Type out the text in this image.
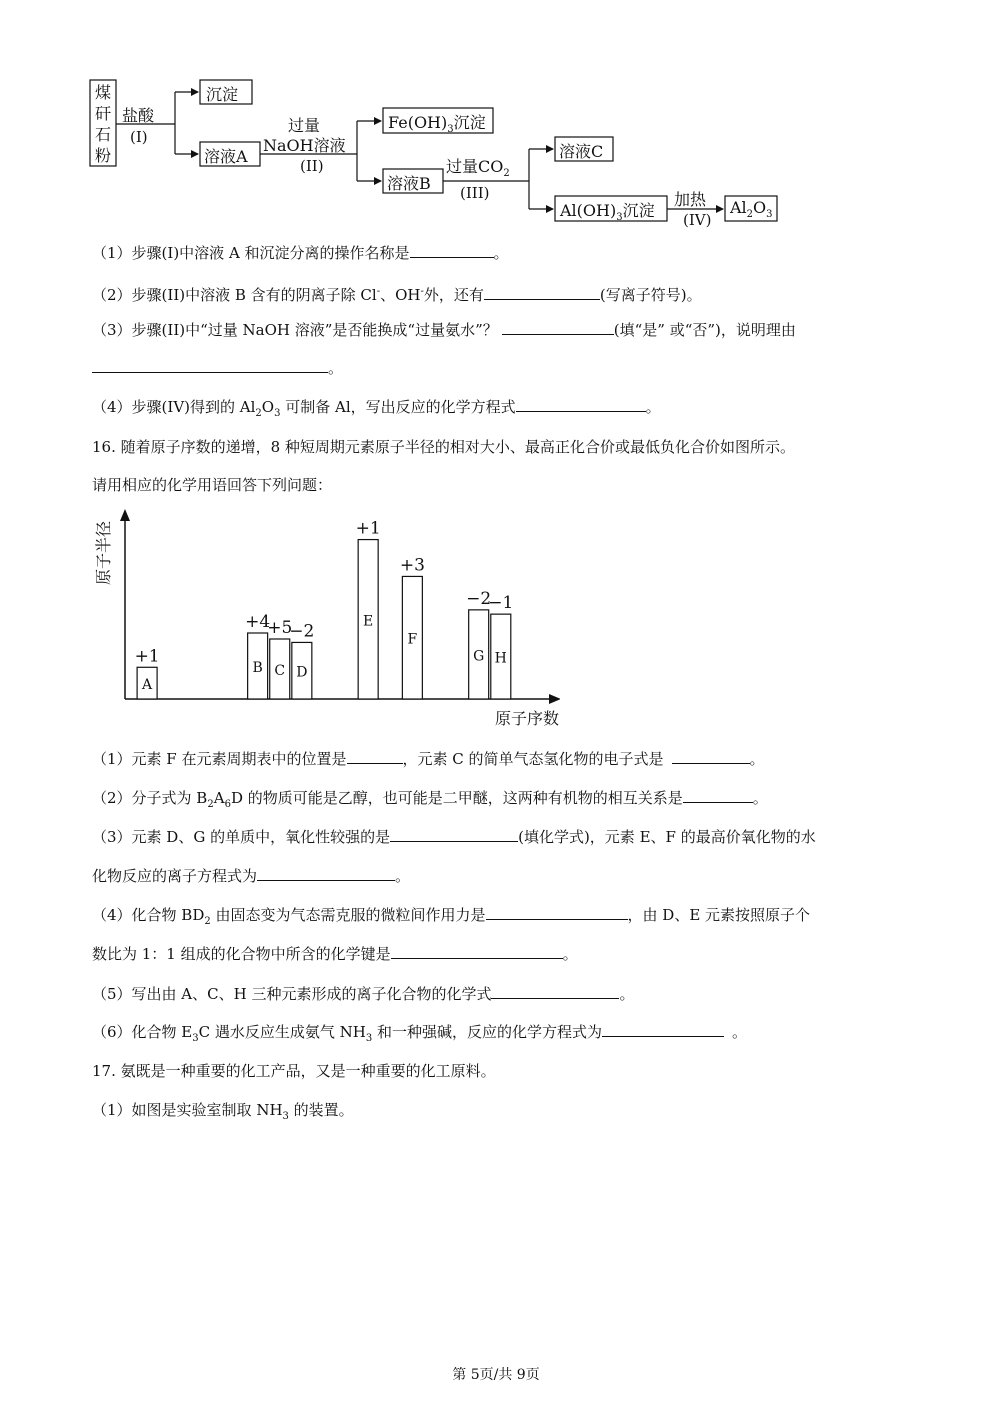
煤
矸
石
粉
盐酸
(I)
沉淀
溶液A
过量
NaOH溶液
(II)
$Fe(OH)_3$沉淀
溶液B
过量$CO_2$
(III)
溶液C
$Al(OH)_3$沉淀
加热
(IV)
$Al_2O_3$
（1）步骤(I)中溶液 A 和沉淀分离的操作名称是	。
（2）步骤(II)中溶液 B 含有的阴离子除 Cl-、OH-外，还有	(写离子符号)。
（3）步骤(II)中“过量 NaOH 溶液”是否能换成“过量氨水”？	(填“是” 或“否”)，说明理由
。
（4）步骤(IV)得到的 $Al_2O_3$ 可制备 Al，写出反应的化学方程式	。
16. 随着原子序数的递增，8 种短周期元素原子半径的相对大小、最高正化合价或最低负化合价如图所示。
请用相应的化学用语回答下列问题：
原子序数
原子半径
A
+1
B
+4
C
+5
D
−2
E
+1
F
+3
G
−2
H
−1
（1）元素 F 在元素周期表中的位置是	，元素 C 的简单气态氢化物的电子式是	。
（2）分子式为 $B_2A_6D$ 的物质可能是乙醇，也可能是二甲醚，这两种有机物的相互关系是	。
（3）元素 D、G 的单质中，氧化性较强的是	(填化学式)，元素 E、F 的最高价氧化物的水
化物反应的离子方程式为	。
（4）化合物 $BD_2$ 由固态变为气态需克服的微粒间作用力是	，由 D、E 元素按照原子个
数比为 1：1 组成的化合物中所含的化学键是	。
（5）写出由 A、C、H 三种元素形成的离子化合物的化学式	。
（6）化合物 $E_3C$ 遇水反应生成氨气 $NH_3$ 和一种强碱，反应的化学方程式为	。
17. 氨既是一种重要的化工产品，又是一种重要的化工原料。
（1）如图是实验室制取 $NH_3$ 的装置。
第 5页/共 9页
